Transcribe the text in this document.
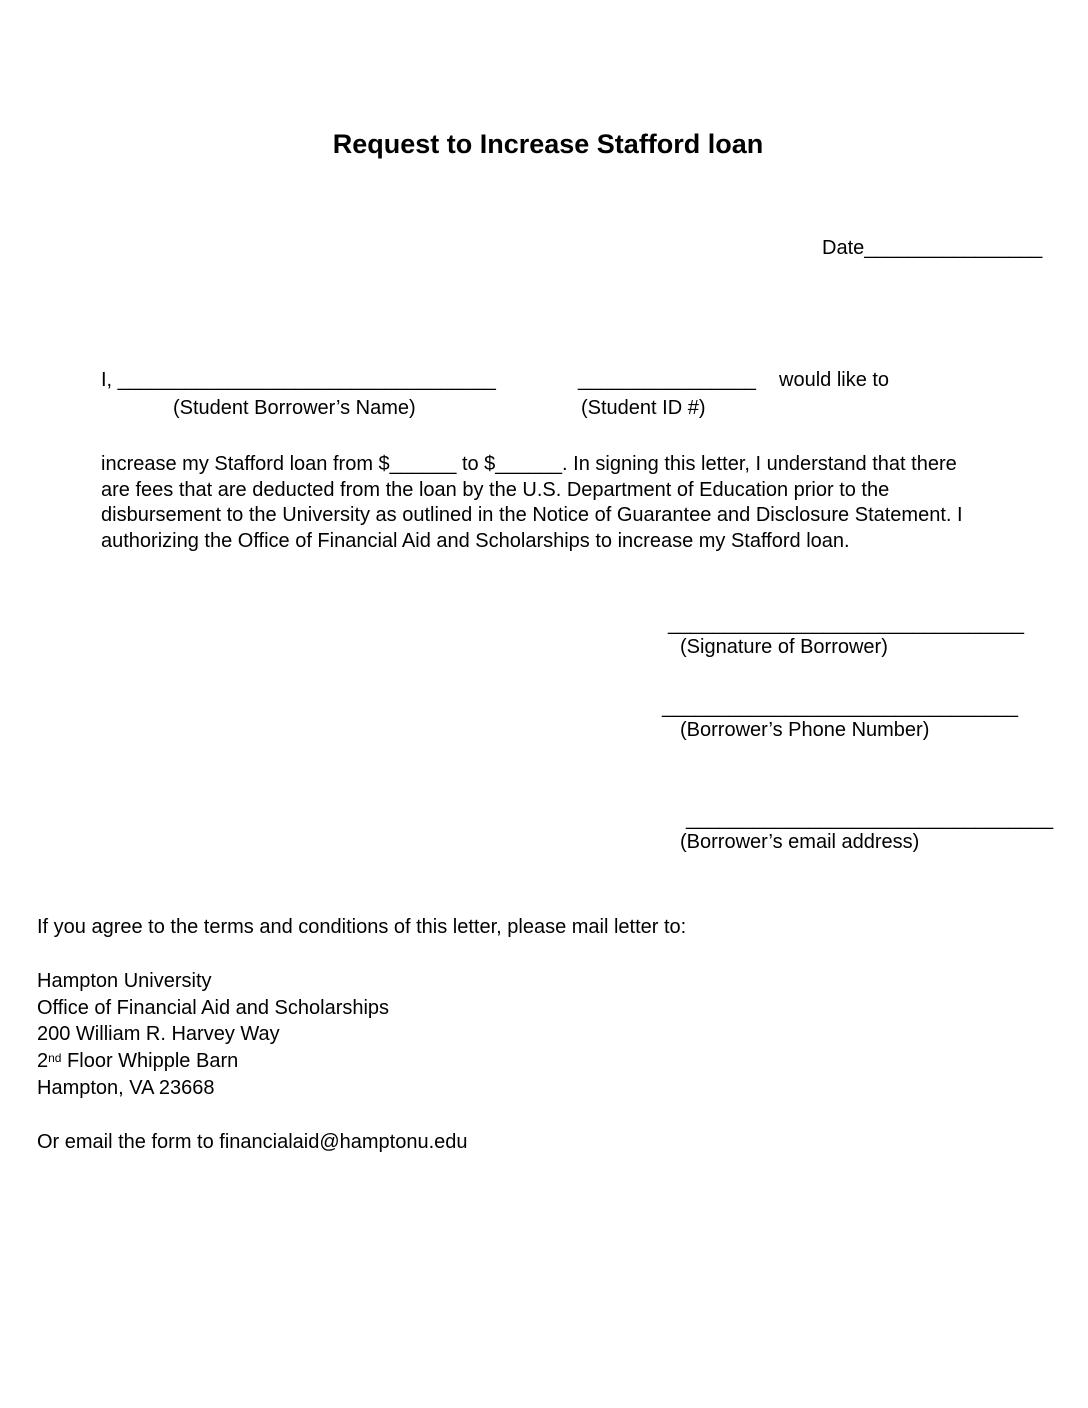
Request to Increase Stafford loan
Date________________
I, __________________________________	________________ would like to
(Student Borrower’s Name)	(Student ID #)
increase my Stafford loan from $______ to $______. In signing this letter, I understand that there
are fees that are deducted from the loan by the U.S. Department of Education prior to the
disbursement to the University as outlined in the Notice of Guarantee and Disclosure Statement. I
authorizing the Office of Financial Aid and Scholarships to increase my Stafford loan.
________________________________
(Signature of Borrower)
________________________________
(Borrower’s Phone Number)
_________________________________
(Borrower’s email address)
If you agree to the terms and conditions of this letter, please mail letter to:
Hampton University
Office of Financial Aid and Scholarships
200 William R. Harvey Way
2nd Floor Whipple Barn
Hampton, VA 23668
Or email the form to financialaid@hamptonu.edu
